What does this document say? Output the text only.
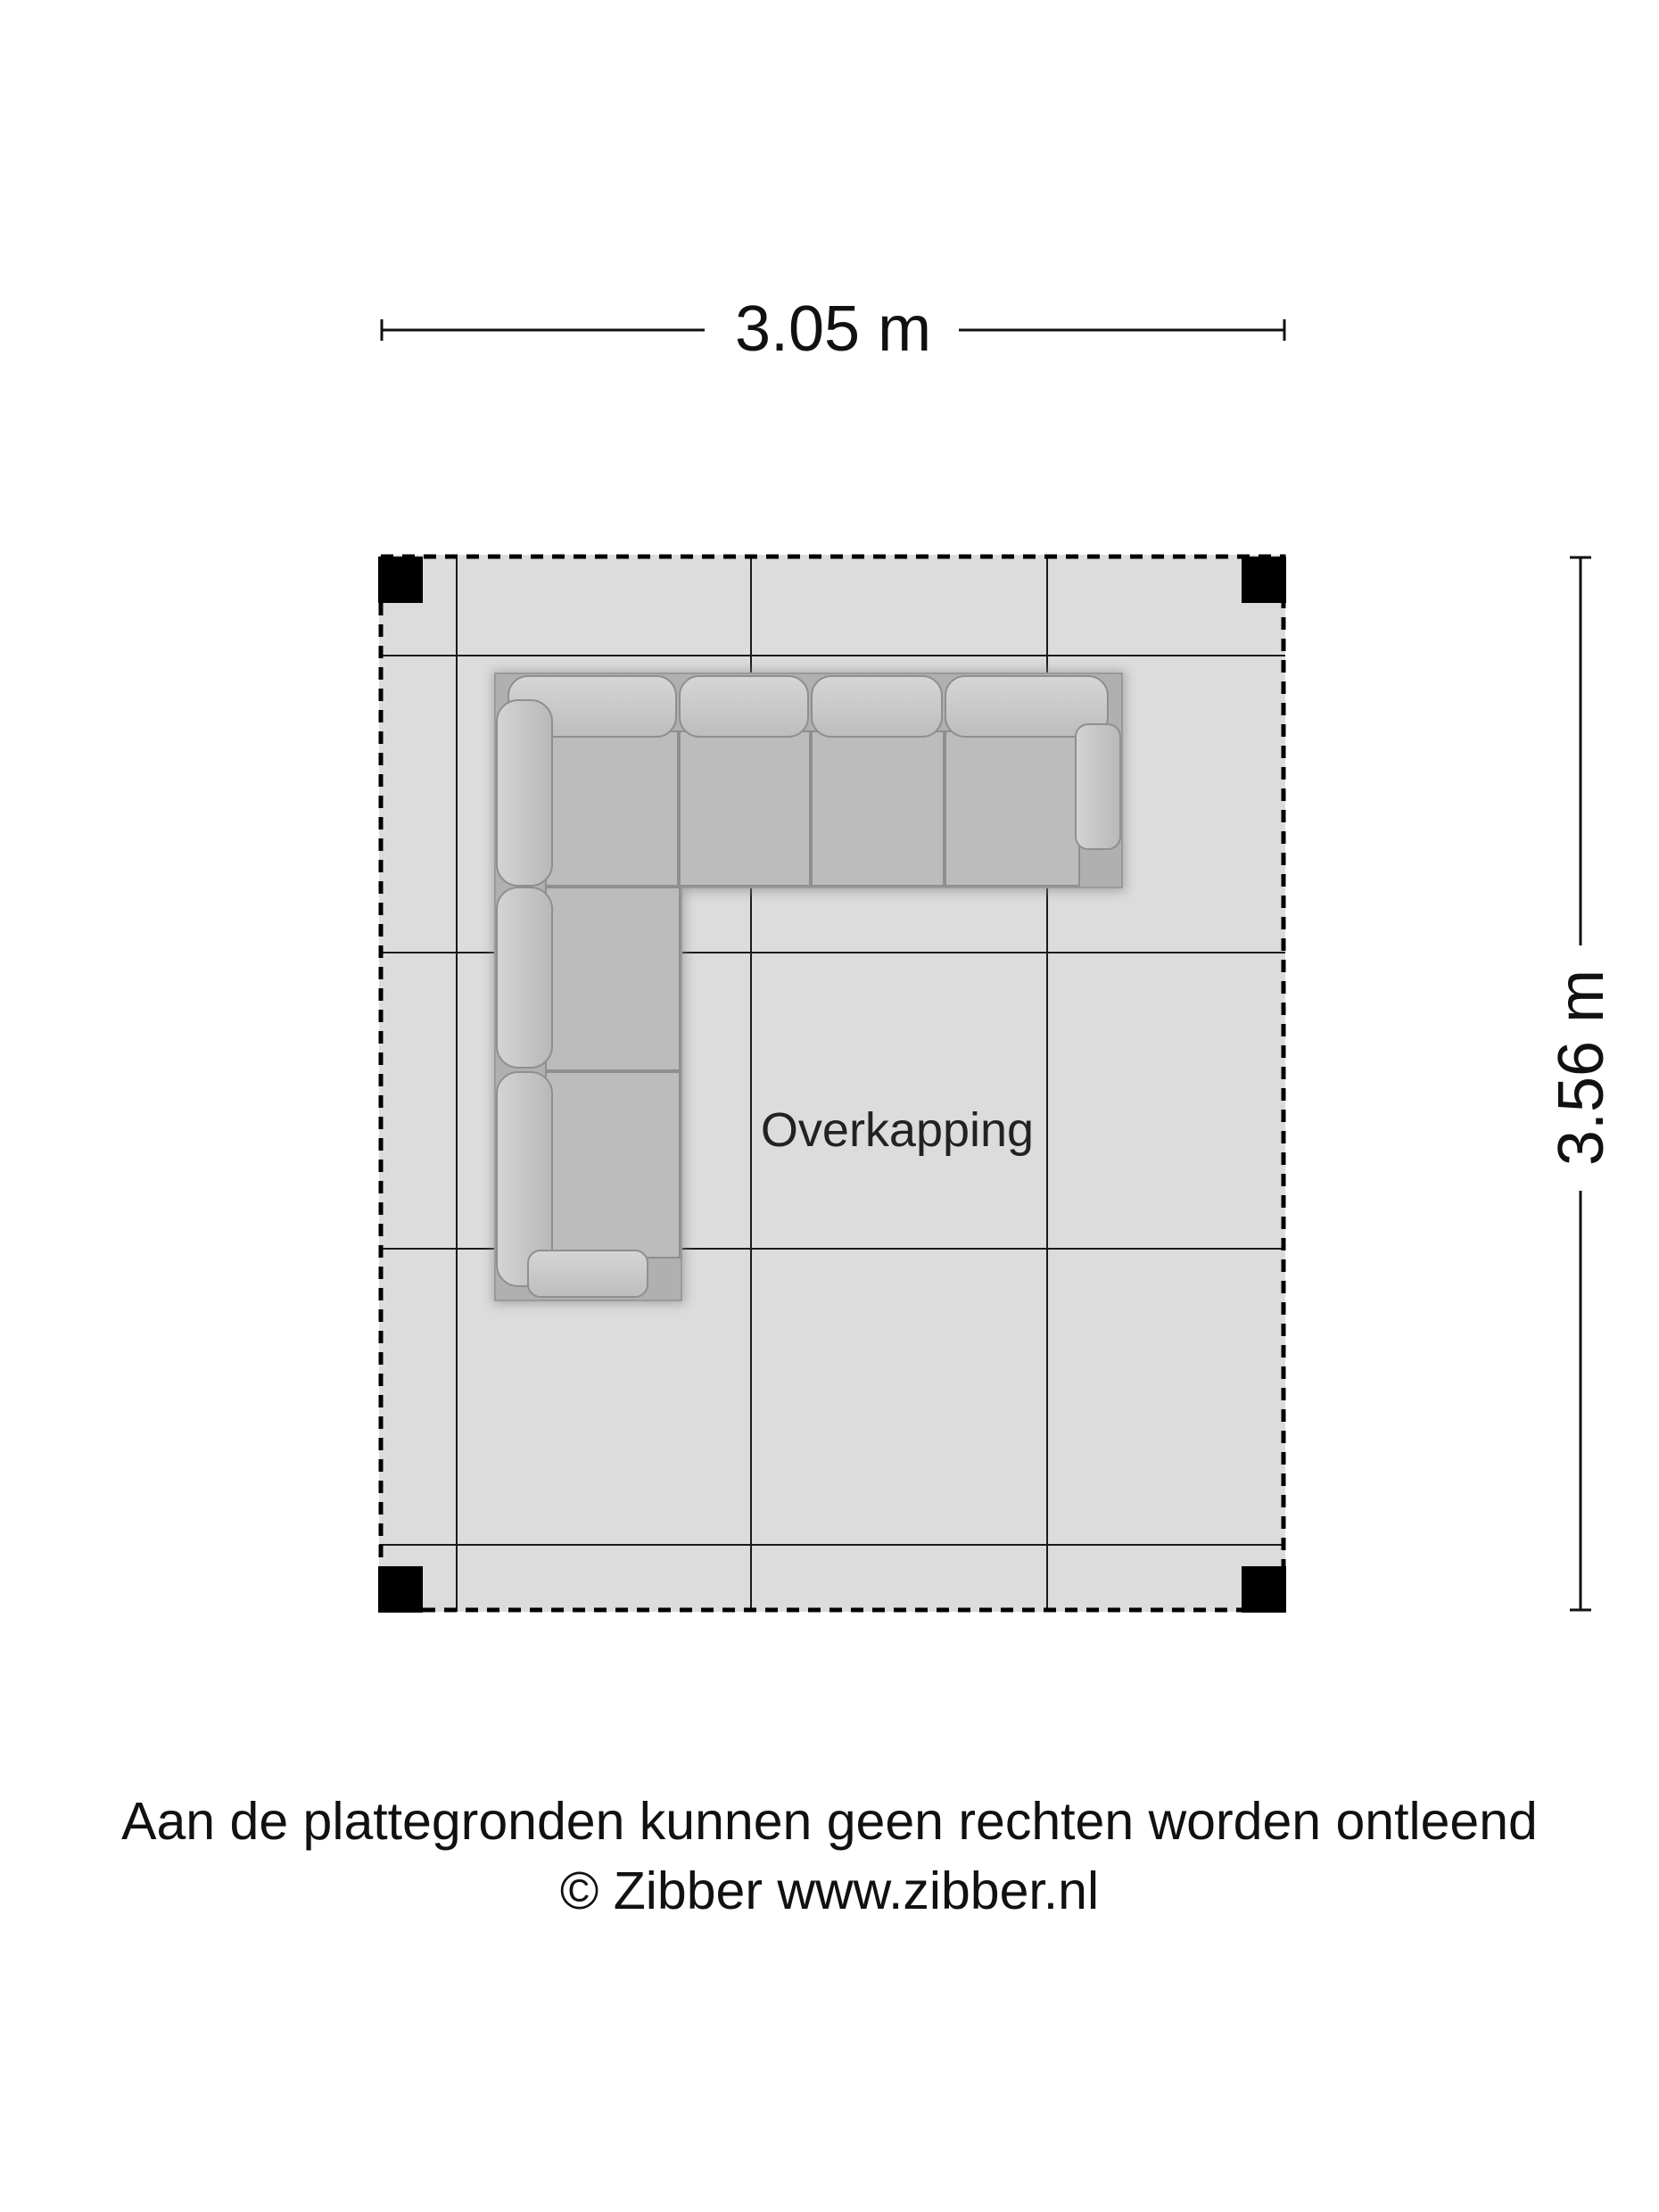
3.05 m
3.56 m
Overkapping
Aan de plattegronden kunnen geen rechten worden ontleend
© Zibber www.zibber.nl
